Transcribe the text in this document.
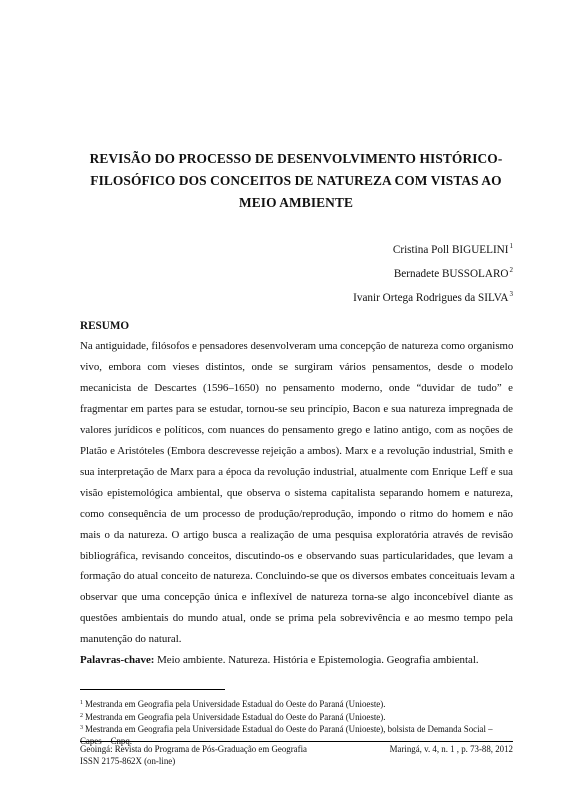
REVISÃO DO PROCESSO DE DESENVOLVIMENTO HISTÓRICO-
FILOSÓFICO DOS CONCEITOS DE NATUREZA COM VISTAS AO
MEIO AMBIENTE
Cristina Poll BIGUELINI$^1$
Bernadete BUSSOLARO$^2$
Ivanir Ortega Rodrigues da SILVA$^3$
RESUMO
Na antiguidade, filósofos e pensadores desenvolveram uma concepção de natureza como organismo
vivo, embora com vieses distintos, onde se surgiram vários pensamentos, desde o modelo
mecanicista de Descartes (1596–1650) no pensamento moderno, onde “duvidar de tudo” e
fragmentar em partes para se estudar, tornou-se seu princípio, Bacon e sua natureza impregnada de
valores jurídicos e políticos, com nuances do pensamento grego e latino antigo, com as noções de
Platão e Aristóteles (Embora descrevesse rejeição a ambos). Marx e a revolução industrial, Smith e
sua interpretação de Marx para a época da revolução industrial, atualmente com Enrique Leff e sua
visão epistemológica ambiental, que observa o sistema capitalista separando homem e natureza,
como consequência de um processo de produção/reprodução, impondo o ritmo do homem e não
mais o da natureza. O artigo busca a realização de uma pesquisa exploratória através de revisão
bibliográfica, revisando conceitos, discutindo-os e observando suas particularidades, que levam a
formação do atual conceito de natureza. Concluindo-se que os diversos embates conceituais levam a
observar que uma concepção única e inflexível de natureza torna-se algo inconcebível diante as
questões ambientais do mundo atual, onde se prima pela sobrevivência e ao mesmo tempo pela
manutenção do natural.
Palavras-chave: Meio ambiente. Natureza. História e Epistemologia. Geografia ambiental.
$^1$ Mestranda em Geografia pela Universidade Estadual do Oeste do Paraná (Unioeste).
$^2$ Mestranda em Geografia pela Universidade Estadual do Oeste do Paraná (Unioeste).
$^3$ Mestranda em Geografia pela Universidade Estadual do Oeste do Paraná (Unioeste), bolsista de Demanda Social – Capes – Cnpq.
Geoingá: Revista do Programa de Pós-Graduação em Geografia	Maringá, v. 4, n. 1 , p. 73-88, 2012
ISSN 2175-862X (on-line)
